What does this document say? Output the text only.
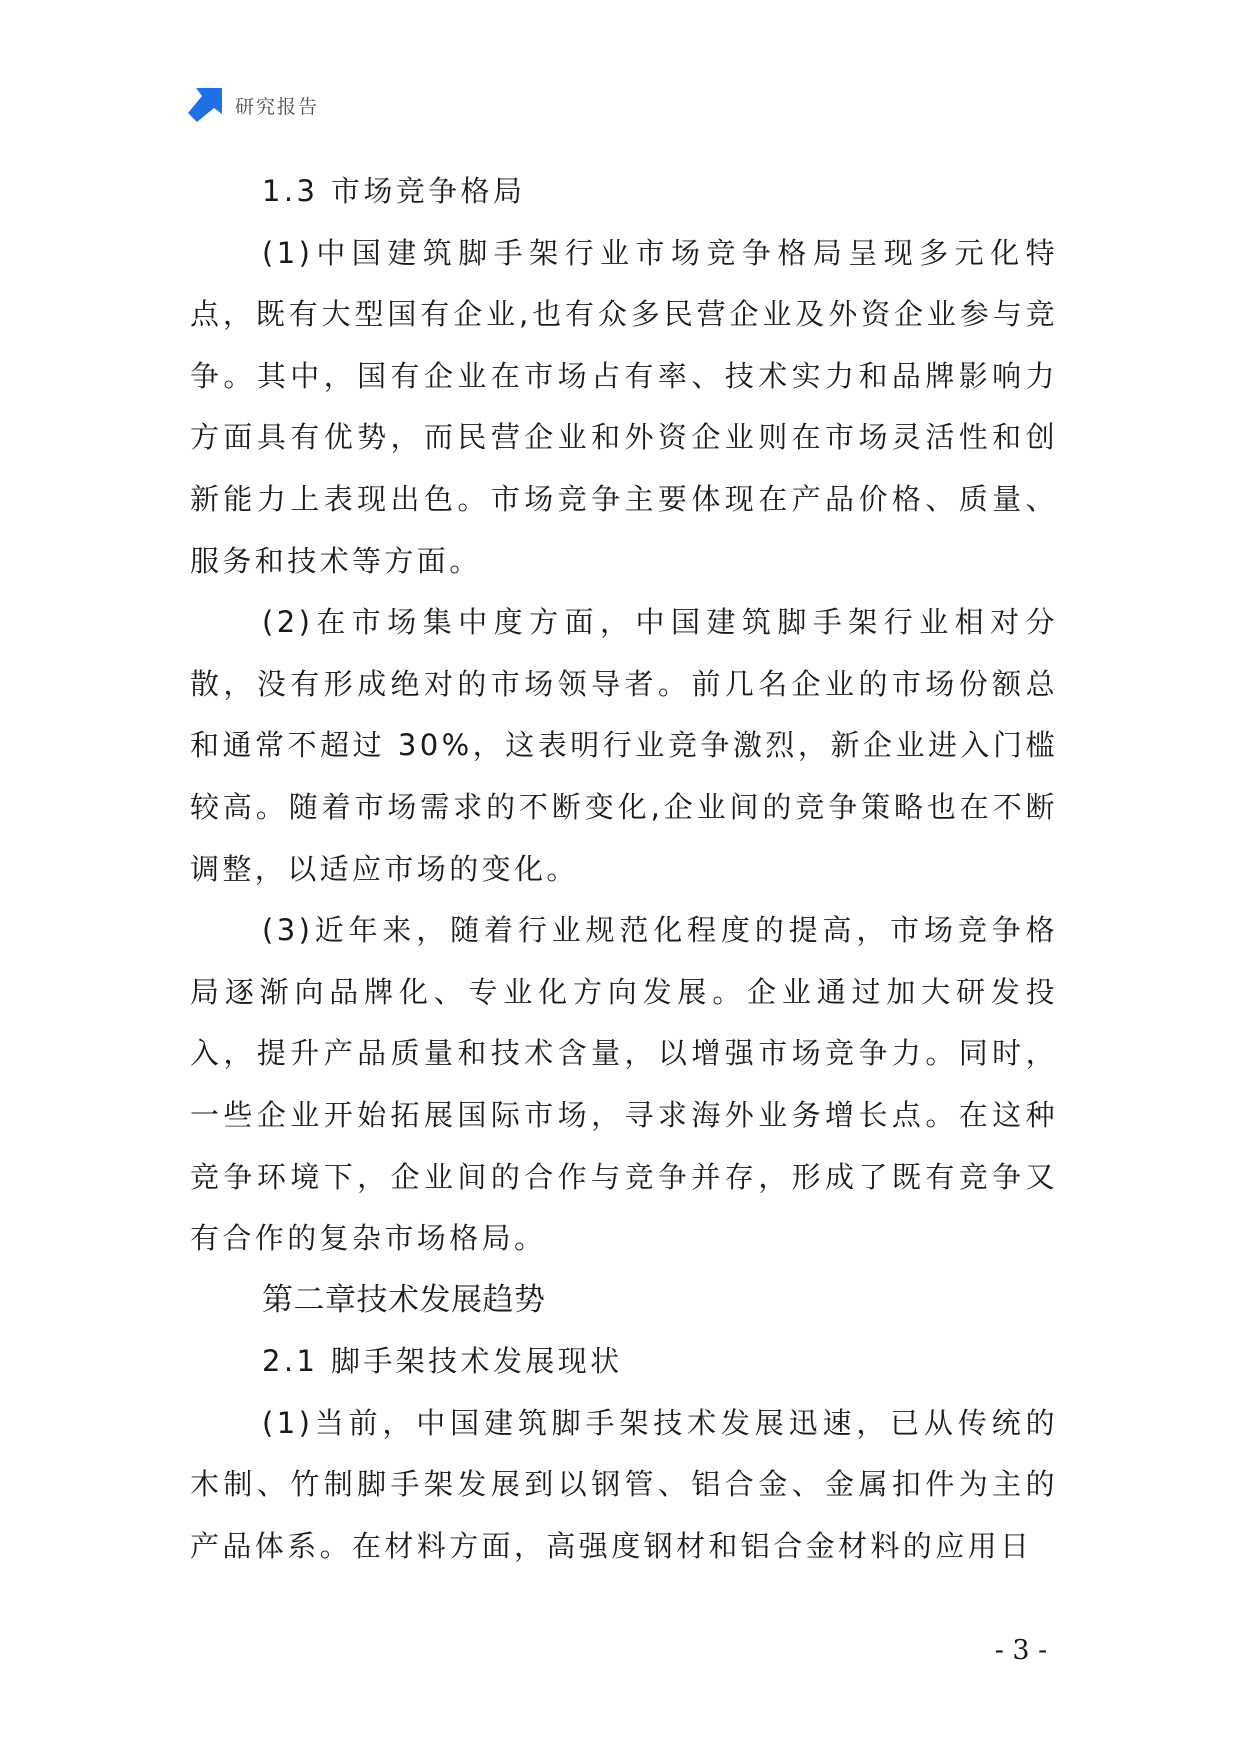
研究报告

1.3 市场竞争格局

(1)中国建筑脚手架行业市场竞争格局呈现多元化特点，既有大型国有企业,也有众多民营企业及外资企业参与竞争。其中，国有企业在市场占有率、技术实力和品牌影响力方面具有优势，而民营企业和外资企业则在市场灵活性和创新能力上表现出色。市场竞争主要体现在产品价格、质量、服务和技术等方面。

(2)在市场集中度方面，中国建筑脚手架行业相对分散，没有形成绝对的市场领导者。前几名企业的市场份额总和通常不超过 30%，这表明行业竞争激烈，新企业进入门槛较高。随着市场需求的不断变化,企业间的竞争策略也在不断调整，以适应市场的变化。

(3)近年来，随着行业规范化程度的提高，市场竞争格局逐渐向品牌化、专业化方向发展。企业通过加大研发投入，提升产品质量和技术含量，以增强市场竞争力。同时，一些企业开始拓展国际市场，寻求海外业务增长点。在这种竞争环境下，企业间的合作与竞争并存，形成了既有竞争又有合作的复杂市场格局。

第二章技术发展趋势

2.1 脚手架技术发展现状

(1)当前，中国建筑脚手架技术发展迅速，已从传统的木制、竹制脚手架发展到以钢管、铝合金、金属扣件为主的产品体系。在材料方面，高强度钢材和铝合金材料的应用日

- 3 -
